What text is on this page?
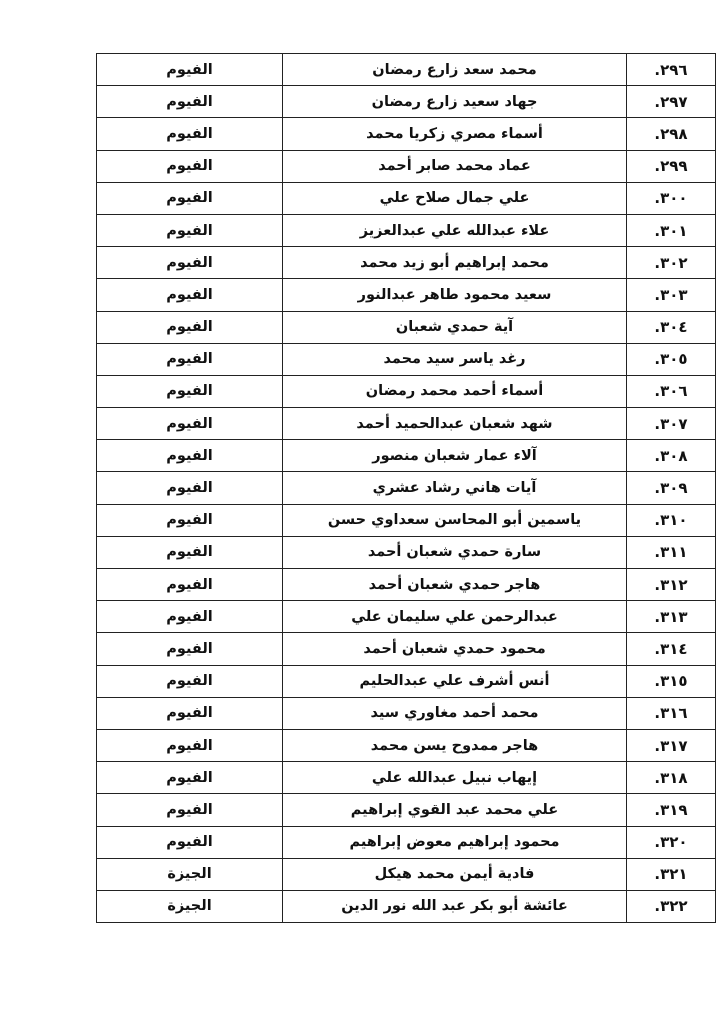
٢٩٦.	محمد سعد زارع رمضان	الفيوم
٢٩٧.	جهاد سعيد زارع رمضان	الفيوم
٢٩٨.	أسماء مصري زكريا محمد	الفيوم
٢٩٩.	عماد محمد صابر أحمد	الفيوم
٣٠٠.	علي جمال صلاح علي	الفيوم
٣٠١.	علاء عبدالله علي عبدالعزيز	الفيوم
٣٠٢.	محمد إبراهيم أبو زيد محمد	الفيوم
٣٠٣.	سعيد محمود طاهر عبدالنور	الفيوم
٣٠٤.	آية حمدي شعبان	الفيوم
٣٠٥.	رغد ياسر سيد محمد	الفيوم
٣٠٦.	أسماء أحمد محمد رمضان	الفيوم
٣٠٧.	شهد شعبان عبدالحميد أحمد	الفيوم
٣٠٨.	آلاء عمار شعبان منصور	الفيوم
٣٠٩.	آيات هاني رشاد عشري	الفيوم
٣١٠.	ياسمين أبو المحاسن سعداوي حسن	الفيوم
٣١١.	سارة حمدي شعبان أحمد	الفيوم
٣١٢.	هاجر حمدي شعبان أحمد	الفيوم
٣١٣.	عبدالرحمن علي سليمان علي	الفيوم
٣١٤.	محمود حمدي شعبان أحمد	الفيوم
٣١٥.	أنس أشرف علي عبدالحليم	الفيوم
٣١٦.	محمد أحمد مغاوري سيد	الفيوم
٣١٧.	هاجر ممدوح يسن محمد	الفيوم
٣١٨.	إيهاب نبيل عبدالله علي	الفيوم
٣١٩.	علي محمد عبد القوي إبراهيم	الفيوم
٣٢٠.	محمود إبراهيم معوض إبراهيم	الفيوم
٣٢١.	فادية أيمن محمد هيكل	الجيزة
٣٢٢.	عائشة أبو بكر عبد الله نور الدين	الجيزة
